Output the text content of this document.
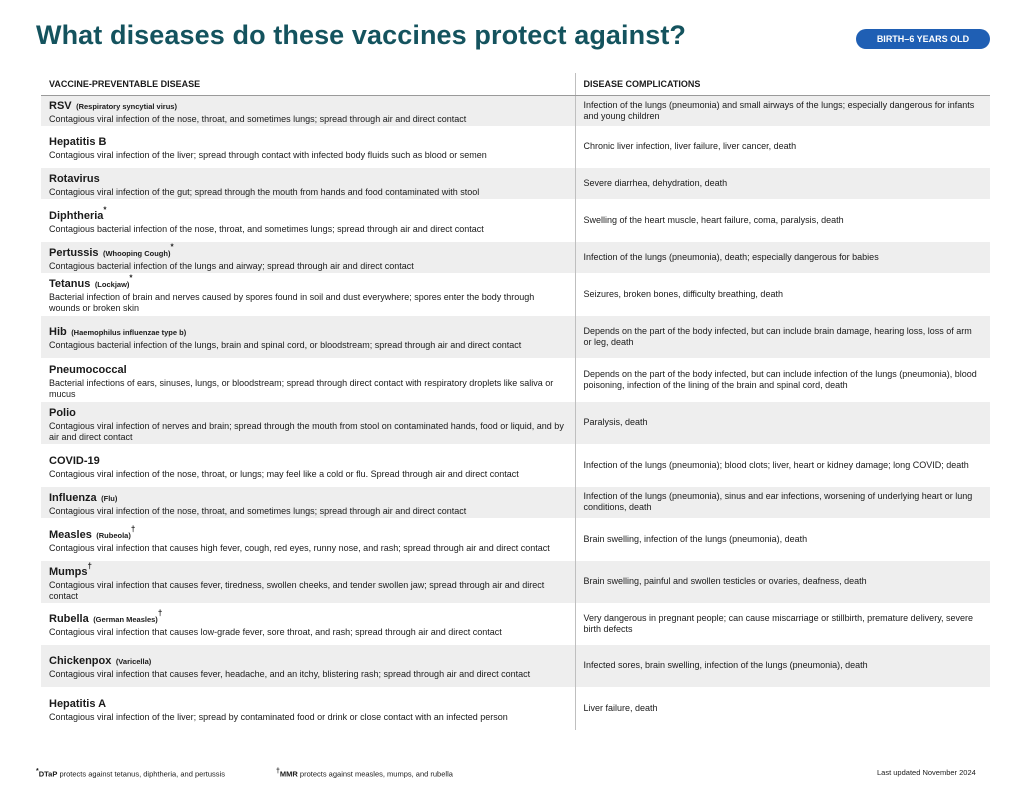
What diseases do these vaccines protect against?	BIRTH–6 YEARS OLD
VACCINE-PREVENTABLE DISEASE	DISEASE COMPLICATIONS
RSV (Respiratory syncytial virus)
Contagious viral infection of the nose, throat, and sometimes lungs; spread through air and direct contact	Infection of the lungs (pneumonia) and small airways of the lungs; especially dangerous for infants and young children
Hepatitis B
Contagious viral infection of the liver; spread through contact with infected body fluids such as blood or semen	Chronic liver infection, liver failure, liver cancer, death
Rotavirus
Contagious viral infection of the gut; spread through the mouth from hands and food contaminated with stool	Severe diarrhea, dehydration, death
Diphtheria*
Contagious bacterial infection of the nose, throat, and sometimes lungs; spread through air and direct contact	Swelling of the heart muscle, heart failure, coma, paralysis, death
Pertussis (Whooping Cough)*
Contagious bacterial infection of the lungs and airway; spread through air and direct contact	Infection of the lungs (pneumonia), death; especially dangerous for babies
Tetanus (Lockjaw)*
Bacterial infection of brain and nerves caused by spores found in soil and dust everywhere; spores enter the body through wounds or broken skin	Seizures, broken bones, difficulty breathing, death
Hib (Haemophilus influenzae type b)
Contagious bacterial infection of the lungs, brain and spinal cord, or bloodstream; spread through air and direct contact	Depends on the part of the body infected, but can include brain damage, hearing loss, loss of arm or leg, death
Pneumococcal
Bacterial infections of ears, sinuses, lungs, or bloodstream; spread through direct contact with respiratory droplets like saliva or mucus	Depends on the part of the body infected, but can include infection of the lungs (pneumonia), blood poisoning, infection of the lining of the brain and spinal cord, death
Polio
Contagious viral infection of nerves and brain; spread through the mouth from stool on contaminated hands, food or liquid, and by air and direct contact	Paralysis, death
COVID-19
Contagious viral infection of the nose, throat, or lungs; may feel like a cold or flu. Spread through air and direct contact	Infection of the lungs (pneumonia); blood clots; liver, heart or kidney damage; long COVID; death
Influenza (Flu)
Contagious viral infection of the nose, throat, and sometimes lungs; spread through air and direct contact	Infection of the lungs (pneumonia), sinus and ear infections, worsening of underlying heart or lung conditions, death
Measles (Rubeola)†
Contagious viral infection that causes high fever, cough, red eyes, runny nose, and rash; spread through air and direct contact	Brain swelling, infection of the lungs (pneumonia), death
Mumps†
Contagious viral infection that causes fever, tiredness, swollen cheeks, and tender swollen jaw; spread through air and direct contact	Brain swelling, painful and swollen testicles or ovaries, deafness, death
Rubella (German Measles)†
Contagious viral infection that causes low-grade fever, sore throat, and rash; spread through air and direct contact	Very dangerous in pregnant people; can cause miscarriage or stillbirth, premature delivery, severe birth defects
Chickenpox (Varicella)
Contagious viral infection that causes fever, headache, and an itchy, blistering rash; spread through air and direct contact	Infected sores, brain swelling, infection of the lungs (pneumonia), death
Hepatitis A
Contagious viral infection of the liver; spread by contaminated food or drink or close contact with an infected person	Liver failure, death
*DTaP protects against tetanus, diphtheria, and pertussis	†MMR protects against measles, mumps, and rubella	Last updated November 2024
